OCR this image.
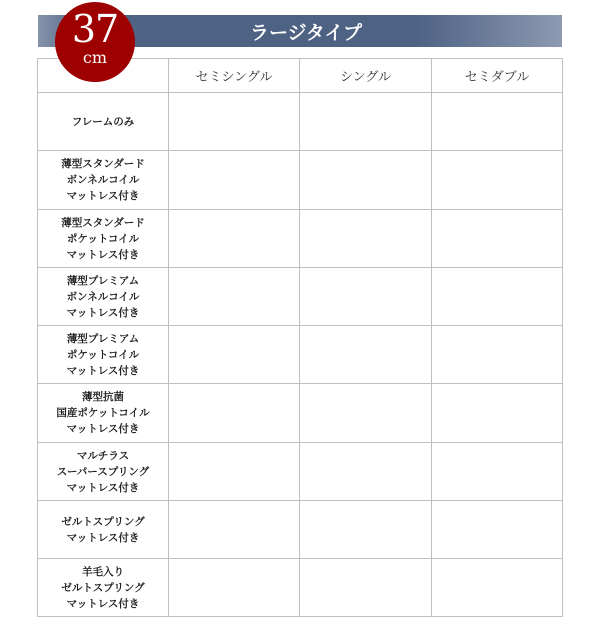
37
cm
ラージタイプ
	セミシングル	シングル	セミダブル

フレームのみ			

薄型スタンダード
ボンネルコイル
マットレス付き			

薄型スタンダード
ポケットコイル
マットレス付き			

薄型プレミアム
ボンネルコイル
マットレス付き			

薄型プレミアム
ポケットコイル
マットレス付き			

薄型抗菌
国産ポケットコイル
マットレス付き			

マルチラス
スーパースプリング
マットレス付き			

ゼルトスプリング
マットレス付き			

羊毛入り
ゼルトスプリング
マットレス付き			
